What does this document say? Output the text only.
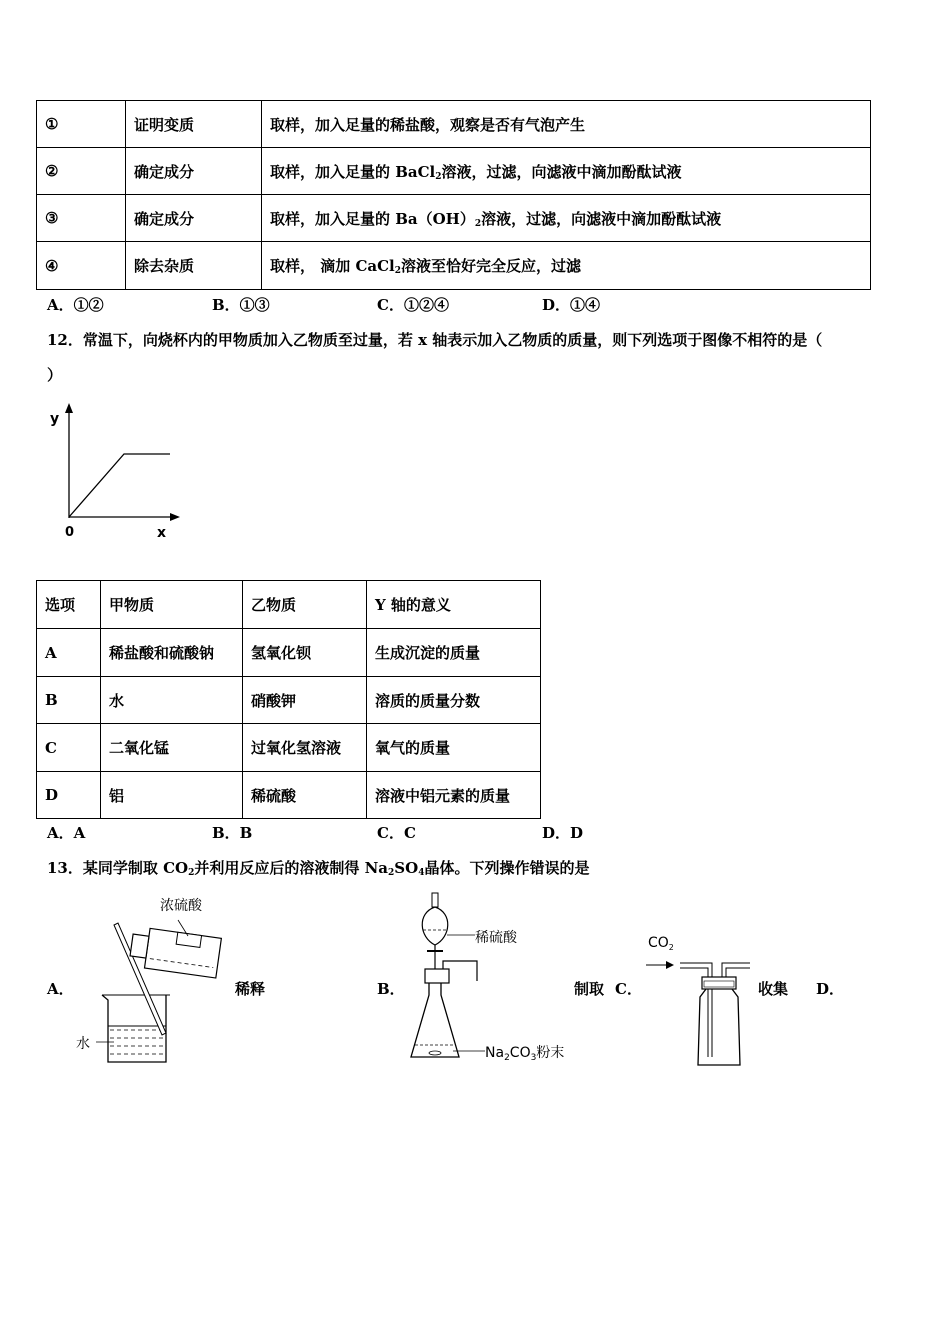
①	证明变质	取样，加入足量的稀盐酸，观察是否有气泡产生
②	确定成分	取样，加入足量的 BaCl$_2$溶液，过滤，向滤液中滴加酚酞试液
③	确定成分	取样，加入足量的 $Ba(OH)_2$溶液，过滤，向滤液中滴加酚酞试液
④	除去杂质	取样， 滴加 CaCl$_2$溶液至恰好完全反应，过滤
A．①②	B．①③	C．①②④	D．①④
12．常温下，向烧杯内的甲物质加入乙物质至过量，若 x 轴表示加入乙物质的质量，则下列选项于图像不相符的是（
）
y
x
0
选项	甲物质	乙物质	Y 轴的意义
A	稀盐酸和硫酸钠	氢氧化钡	生成沉淀的质量
B	水	硝酸钾	溶质的质量分数
C	二氧化锰	过氧化氢溶液	氧气的质量
D	铝	稀硫酸	溶液中铝元素的质量
A．A	B．B	C．C	D．D
13．某同学制取 $CO_2$并利用反应后的溶液制得 $Na_2SO_4$晶体。下列操作错误的是
A．	稀释	B．	制取 C．	收集 D．
浓硫酸
水
稀硫酸
$Na_2CO_3$粉末
$CO_2$
